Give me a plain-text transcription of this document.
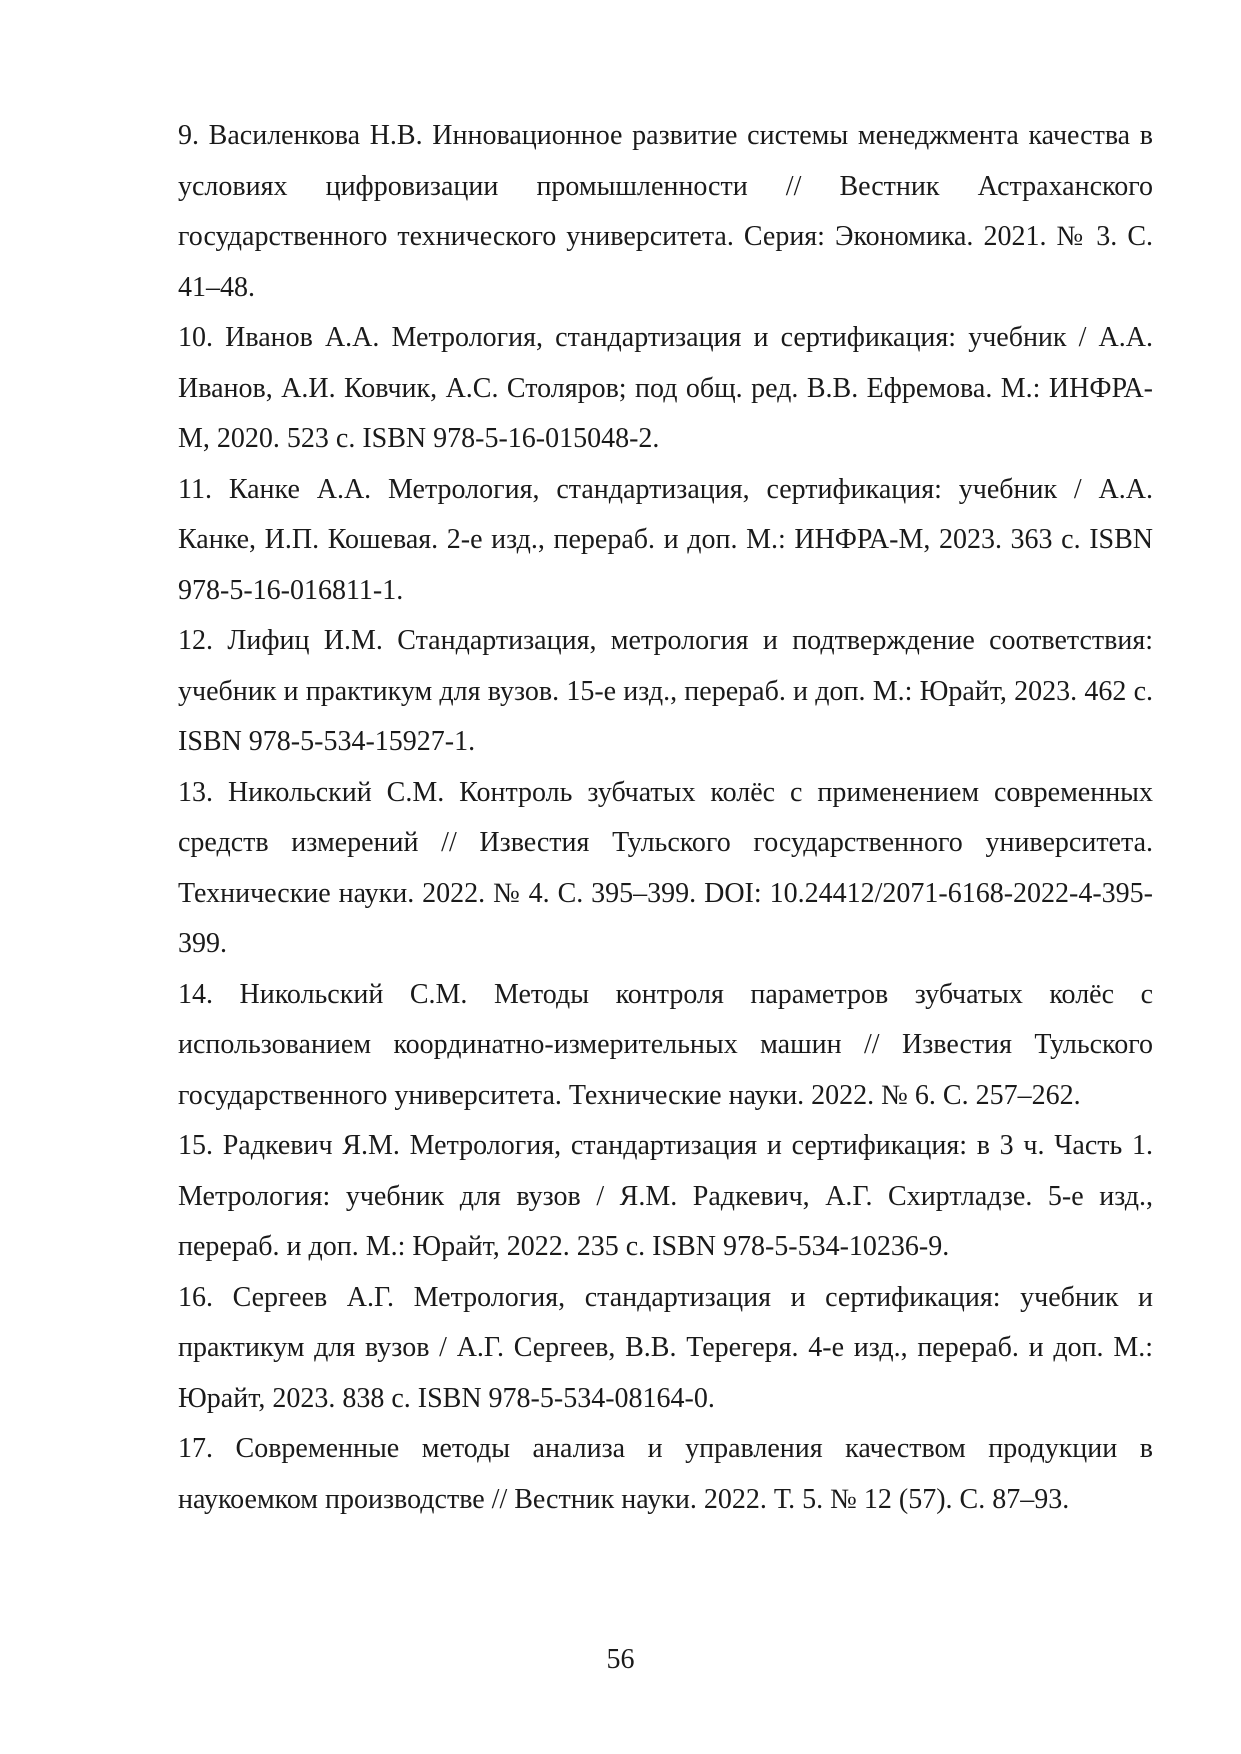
9. Василенкова Н.В. Инновационное развитие системы менеджмента качества в условиях цифровизации промышленности // Вестник Астраханского государственного технического университета. Серия: Экономика. 2021. № 3. С. 41–48.

10. Иванов А.А. Метрология, стандартизация и сертификация: учебник / А.А. Иванов, А.И. Ковчик, А.С. Столяров; под общ. ред. В.В. Ефремова. М.: ИНФРА-М, 2020. 523 с. ISBN 978-5-16-015048-2.

11. Канке А.А. Метрология, стандартизация, сертификация: учебник / А.А. Канке, И.П. Кошевая. 2-е изд., перераб. и доп. М.: ИНФРА-М, 2023. 363 с. ISBN 978-5-16-016811-1.

12. Лифиц И.М. Стандартизация, метрология и подтверждение соответствия: учебник и практикум для вузов. 15-е изд., перераб. и доп. М.: Юрайт, 2023. 462 с. ISBN 978-5-534-15927-1.

13. Никольский С.М. Контроль зубчатых колёс с применением современных средств измерений // Известия Тульского государственного университета. Технические науки. 2022. № 4. С. 395–399. DOI: 10.24412/2071-6168-2022-4-395-399.

14. Никольский С.М. Методы контроля параметров зубчатых колёс с использованием координатно-измерительных машин // Известия Тульского государственного университета. Технические науки. 2022. № 6. С. 257–262.

15. Радкевич Я.М. Метрология, стандартизация и сертификация: в 3 ч. Часть 1. Метрология: учебник для вузов / Я.М. Радкевич, А.Г. Схиртладзе. 5-е изд., перераб. и доп. М.: Юрайт, 2022. 235 с. ISBN 978-5-534-10236-9.

16. Сергеев А.Г. Метрология, стандартизация и сертификация: учебник и практикум для вузов / А.Г. Сергеев, В.В. Терегеря. 4-е изд., перераб. и доп. М.: Юрайт, 2023. 838 с. ISBN 978-5-534-08164-0.

17. Современные методы анализа и управления качеством продукции в наукоемком производстве // Вестник науки. 2022. Т. 5. № 12 (57). С. 87–93.

56
